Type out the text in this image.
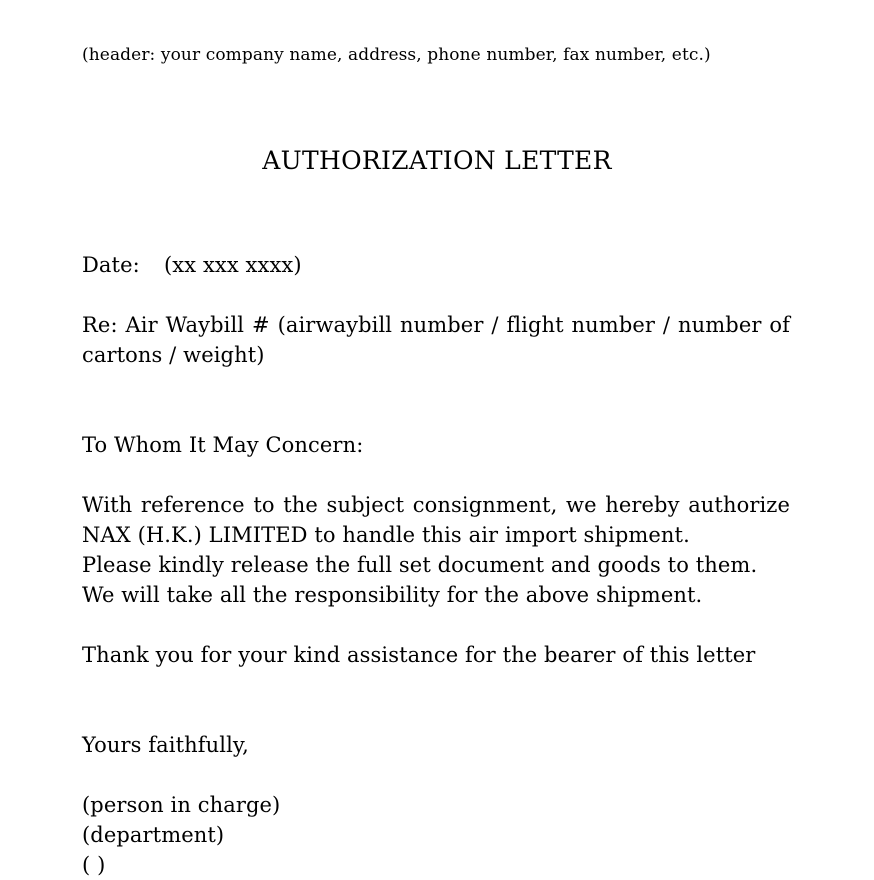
(header: your company name, address, phone number, fax number, etc.)
AUTHORIZATION LETTER
Date: (xx xxx xxxx)
Re: Air Waybill # (airwaybill number / flight number / number of
cartons / weight)
To Whom It May Concern:
With reference to the subject consignment, we hereby authorize
NAX (H.K.) LIMITED to handle this air import shipment.
Please kindly release the full set document and goods to them.
We will take all the responsibility for the above shipment.
Thank you for your kind assistance for the bearer of this letter
Yours faithfully,
(person in charge)
(department)
( )
